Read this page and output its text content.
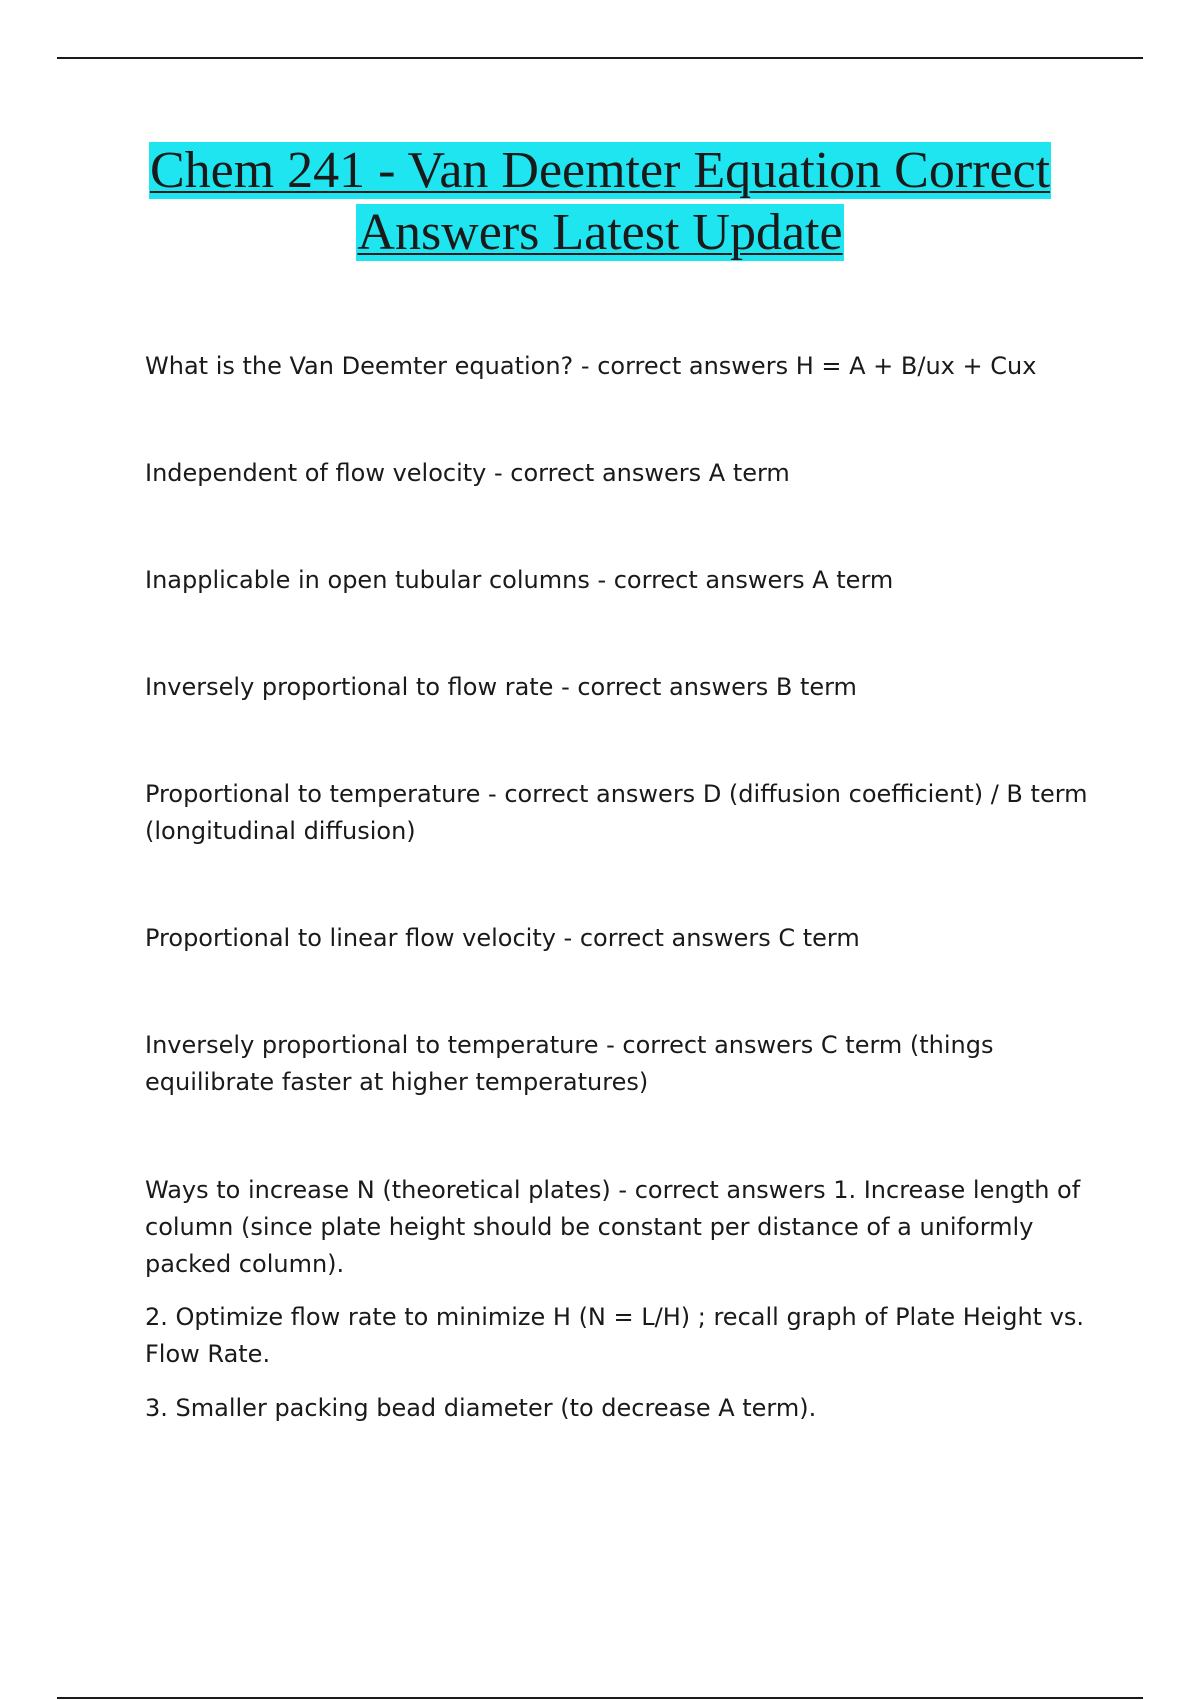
Chem 241 - Van Deemter Equation Correct Answers Latest Update

What is the Van Deemter equation? - correct answers H = A + B/ux + Cux

Independent of flow velocity - correct answers A term

Inapplicable in open tubular columns - correct answers A term

Inversely proportional to flow rate - correct answers B term

Proportional to temperature - correct answers D (diffusion coefficient) / B term (longitudinal diffusion)

Proportional to linear flow velocity - correct answers C term

Inversely proportional to temperature - correct answers C term (things equilibrate faster at higher temperatures)

Ways to increase N (theoretical plates) - correct answers 1. Increase length of column (since plate height should be constant per distance of a uniformly packed column).

2. Optimize flow rate to minimize H (N = L/H) ; recall graph of Plate Height vs. Flow Rate.

3. Smaller packing bead diameter (to decrease A term).
